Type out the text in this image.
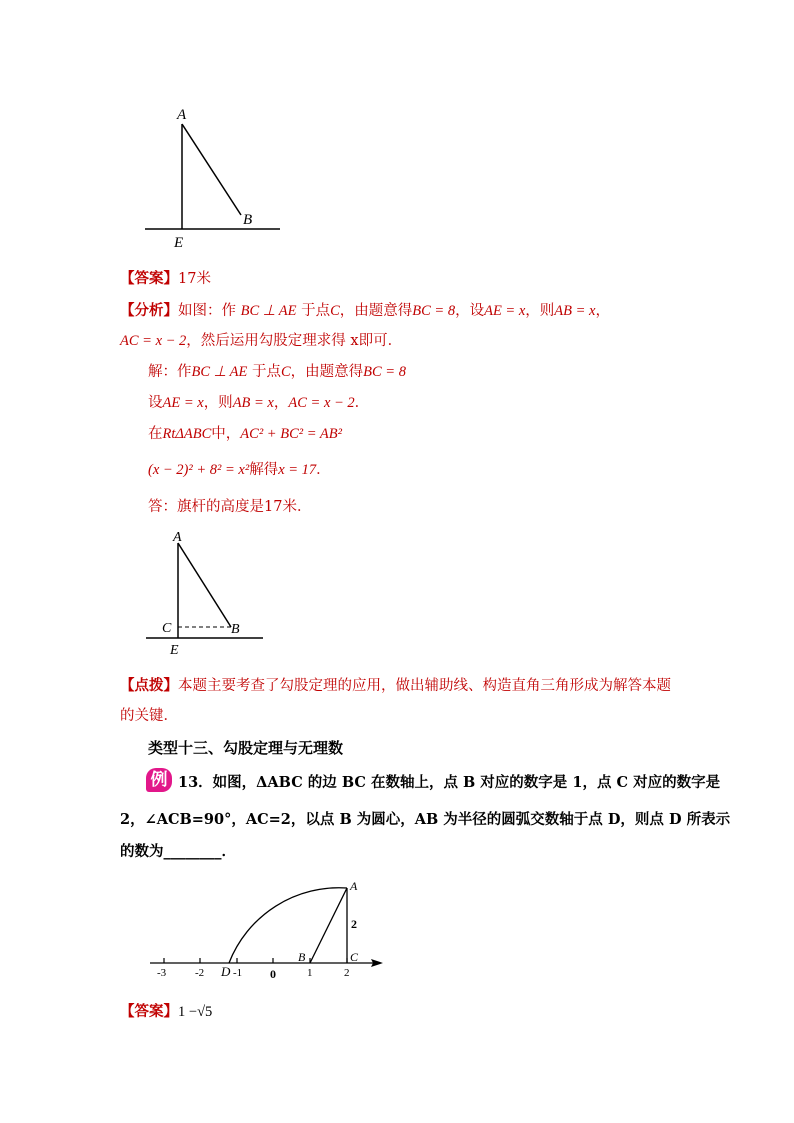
A
B
E
【答案】17米
【分析】如图：作 BC ⊥ AE 于点C，由题意得BC = 8，设AE = x，则AB = x，
AC = x − 2，然后运用勾股定理求得 x即可．
解：作BC ⊥ AE 于点C，由题意得BC = 8
设AE = x，则AB = x，AC = x − 2．
在RtΔABC中，AC² + BC² = AB²
(x − 2)² + 8² = x²解得x = 17．
答：旗杆的高度是17米．
A
B
C
E
【点拨】本题主要考查了勾股定理的应用，做出辅助线、构造直角三角形成为解答本题
的关键．
类型十三、勾股定理与无理数
例 13．如图，ΔABC 的边 BC 在数轴上，点 B 对应的数字是 1，点 C 对应的数字是
2，∠ACB=90°，AC=2，以点 B 为圆心，AB 为半径的圆弧交数轴于点 D，则点 D 所表示
的数为________．
-3	-2 D -1 0
B
1	2
C
A
2
【答案】1 −√5
